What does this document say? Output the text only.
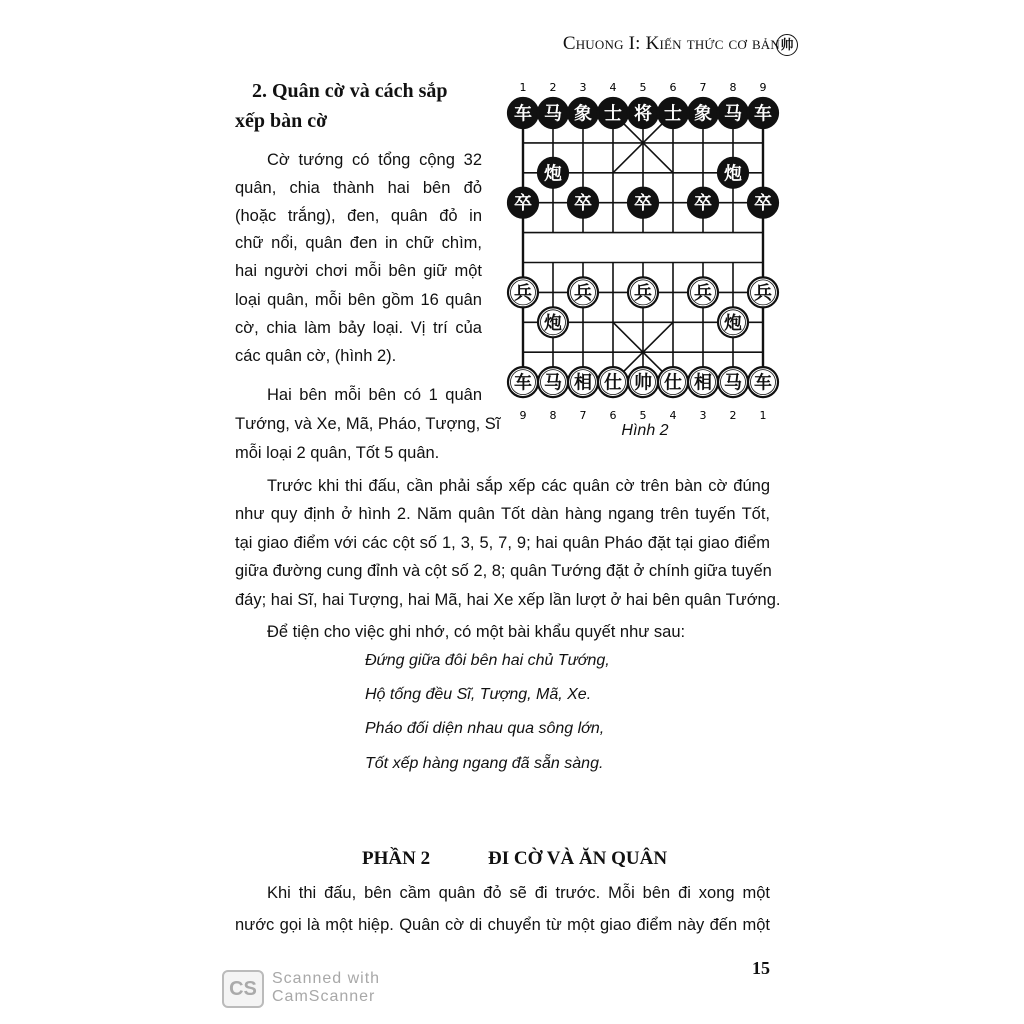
Chuong I: Kiến thức cơ bản 帅
2. Quân cờ và cách sắp
xếp bàn cờ
Cờ tướng có tổng cộng 32
quân, chia thành hai bên đỏ
(hoặc trắng), đen, quân đỏ in
chữ nổi, quân đen in chữ chìm,
hai người chơi mỗi bên giữ một
loại quân, mỗi bên gồm 16 quân
cờ, chia làm bảy loại. Vị trí của
các quân cờ, (hình 2).
Hai bên mỗi bên có 1 quân
Tướng, và Xe, Mã, Pháo, Tượng, Sĩ
mỗi loại 2 quân, Tốt 5 quân.
Trước khi thi đấu, cần phải sắp xếp các quân cờ trên bàn cờ đúng
như quy định ở hình 2. Năm quân Tốt dàn hàng ngang trên tuyến Tốt,
tại giao điểm với các cột số 1, 3, 5, 7, 9; hai quân Pháo đặt tại giao điểm
giữa đường cung đỉnh và cột số 2, 8; quân Tướng đặt ở chính giữa tuyến
đáy; hai Sĩ, hai Tượng, hai Mã, hai Xe xếp lần lượt ở hai bên quân Tướng.
Để tiện cho việc ghi nhớ, có một bài khẩu quyết như sau:
Đứng giữa đôi bên hai chủ Tướng,
Hộ tống đều Sĩ, Tượng, Mã, Xe.
Pháo đối diện nhau qua sông lớn,
Tốt xếp hàng ngang đã sẵn sàng.
Khi thi đấu, bên cầm quân đỏ sẽ đi trước. Mỗi bên đi xong một
nước gọi là một hiệp. Quân cờ di chuyển từ một giao điểm này đến một
1 2 3 4 5 6 7 8 9
9 8 7 6 5 4 3 2 1
车 马 象 士 将 士 象 马 车
炮	炮
卒 卒 卒 卒 卒
兵 兵 兵 兵 兵
炮	炮
车 马 相 仕 帅 仕 相 马 车
Hình 2
PHẦN 2	ĐI CỜ VÀ ĂN QUÂN
15
CS Scanned with
CamScanner
